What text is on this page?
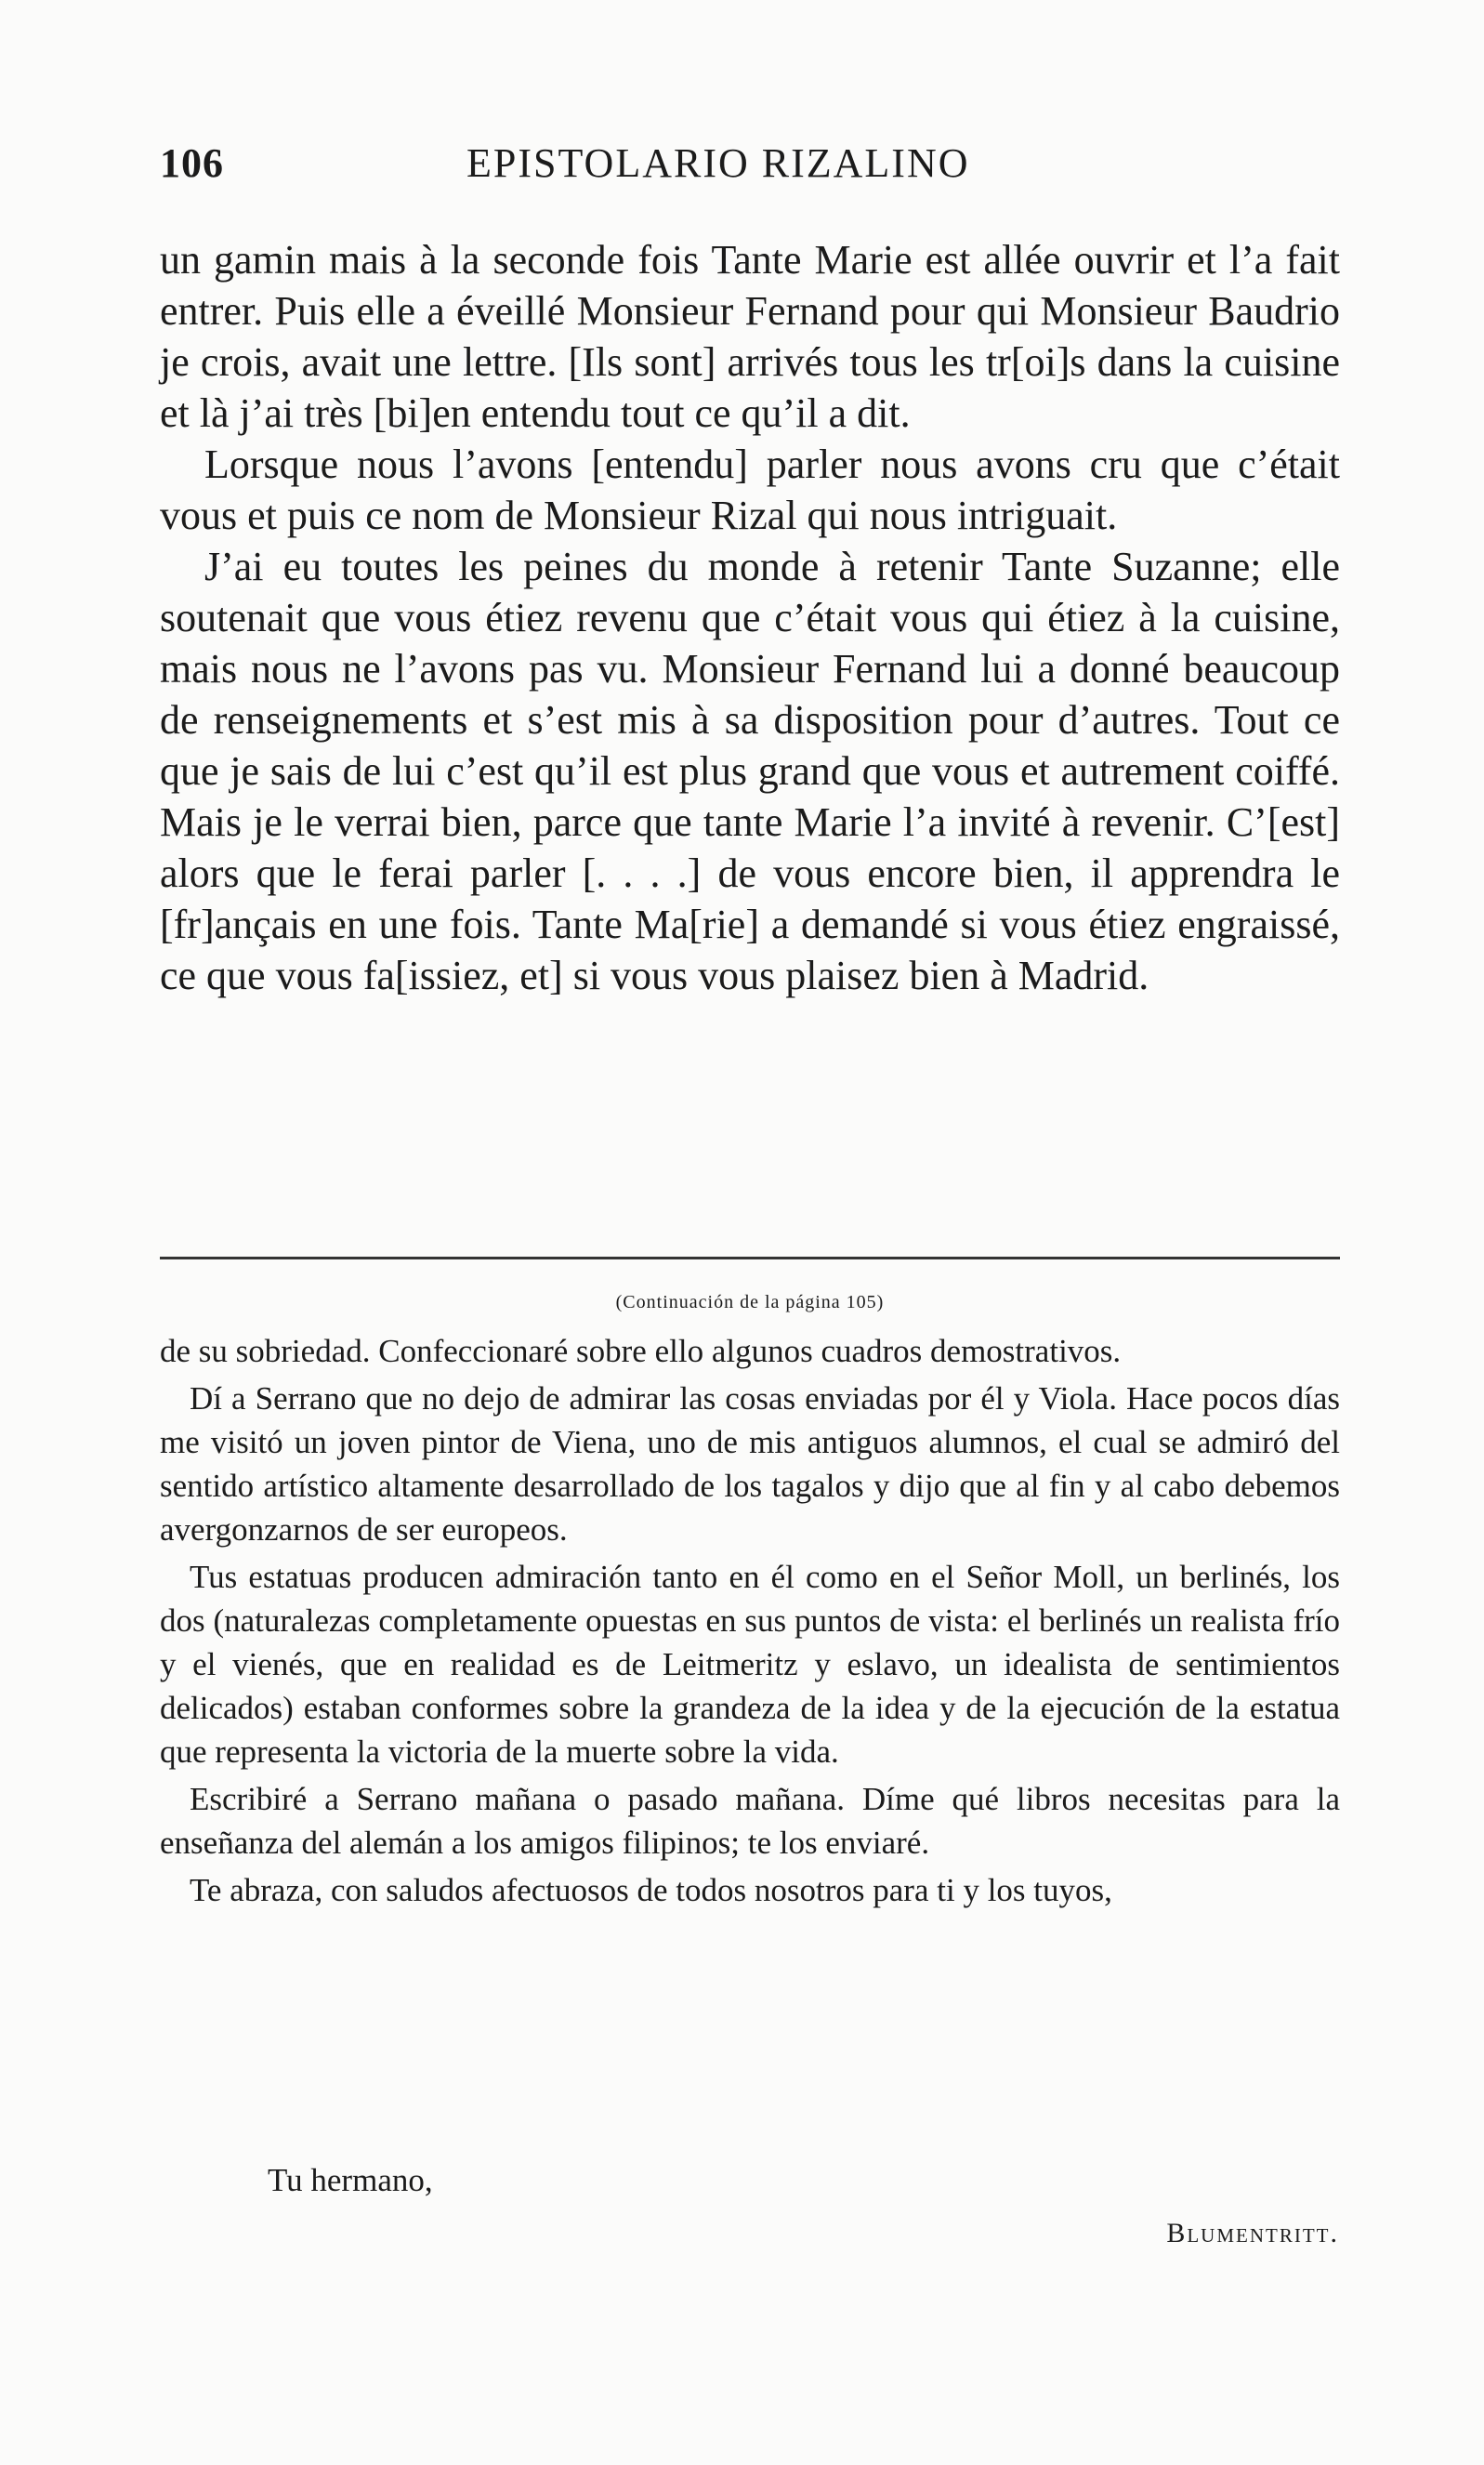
106	EPISTOLARIO RIZALINO

un gamin mais à la seconde fois Tante Marie est allée ouvrir et l’a fait entrer. Puis elle a éveillé Monsieur Fernand pour qui Monsieur Baudrio je crois, avait une lettre. [Ils sont] arrivés tous les tr[oi]s dans la cuisine et là j’ai très [bi]en entendu tout ce qu’il a dit.

Lorsque nous l’avons [entendu] parler nous avons cru que c’était vous et puis ce nom de Monsieur Rizal qui nous intriguait.

J’ai eu toutes les peines du monde à retenir Tante Suzanne; elle soutenait que vous étiez revenu que c’était vous qui étiez à la cuisine, mais nous ne l’avons pas vu. Monsieur Fernand lui a donné beaucoup de renseignements et s’est mis à sa disposition pour d’autres. Tout ce que je sais de lui c’est qu’il est plus grand que vous et autrement coiffé. Mais je le verrai bien, parce que tante Marie l’a invité à revenir. C’[est] alors que le ferai parler [. . . .] de vous encore bien, il apprendra le [fr]ançais en une fois. Tante Ma[rie] a demandé si vous étiez engraissé, ce que vous fa[issiez, et] si vous vous plaisez bien à Madrid.

(Continuación de la página 105)

de su sobriedad. Confeccionaré sobre ello algunos cuadros demostrativos.

Dí a Serrano que no dejo de admirar las cosas enviadas por él y Viola. Hace pocos días me visitó un joven pintor de Viena, uno de mis antiguos alumnos, el cual se admiró del sentido artístico altamente desarrollado de los tagalos y dijo que al fin y al cabo debemos avergonzarnos de ser europeos.

Tus estatuas producen admiración tanto en él como en el Señor Moll, un berlinés, los dos (naturalezas completamente opuestas en sus puntos de vista: el berlinés un realista frío y el vienés, que en realidad es de Leitmeritz y eslavo, un idealista de sentimientos delicados) estaban conformes sobre la grandeza de la idea y de la ejecución de la estatua que representa la victoria de la muerte sobre la vida.

Escribiré a Serrano mañana o pasado mañana. Díme qué libros necesitas para la enseñanza del alemán a los amigos filipinos; te los enviaré.

Te abraza, con saludos afectuosos de todos nosotros para ti y los tuyos,

Tu hermano,
Blumentritt.
